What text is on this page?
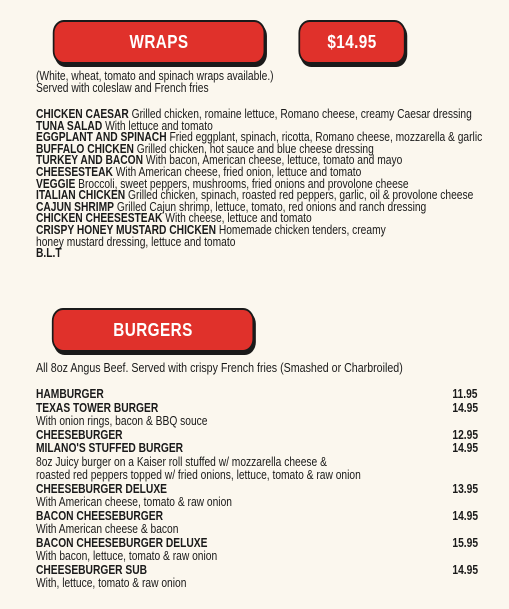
WRAPS	$14.95
(White, wheat, tomato and spinach wraps available.)
Served with coleslaw and French fries
CHICKEN CAESAR Grilled chicken, romaine lettuce, Romano cheese, creamy Caesar dressing
TUNA SALAD With lettuce and tomato
EGGPLANT AND SPINACH Fried eggplant, spinach, ricotta, Romano cheese, mozzarella & garlic
BUFFALO CHICKEN Grilled chicken, hot sauce and blue cheese dressing
TURKEY AND BACON With bacon, American cheese, lettuce, tomato and mayo
CHEESESTEAK With American cheese, fried onion, lettuce and tomato
VEGGIE Broccoli, sweet peppers, mushrooms, fried onions and provolone cheese
ITALIAN CHICKEN Grilled chicken, spinach, roasted red peppers, garlic, oil & provolone cheese
CAJUN SHRIMP Grilled Cajun shrimp, lettuce, tomato, red onions and ranch dressing
CHICKEN CHEESESTEAK With cheese, lettuce and tomato
CRISPY HONEY MUSTARD CHICKEN Homemade chicken tenders, creamy
honey mustard dressing, lettuce and tomato
B.L.T
BURGERS
All 8oz Angus Beef. Served with crispy French fries (Smashed or Charbroiled)
HAMBURGER	11.95
TEXAS TOWER BURGER	14.95
With onion rings, bacon & BBQ souce
CHEESEBURGER	12.95
MILANO'S STUFFED BURGER	14.95
8oz Juicy burger on a Kaiser roll stuffed w/ mozzarella cheese &
roasted red peppers topped w/ fried onions, lettuce, tomato & raw onion
CHEESEBURGER DELUXE	13.95
With American cheese, tomato & raw onion
BACON CHEESEBURGER	14.95
With American cheese & bacon
BACON CHEESEBURGER DELUXE	15.95
With bacon, lettuce, tomato & raw onion
CHEESEBURGER SUB	14.95
With, lettuce, tomato & raw onion
